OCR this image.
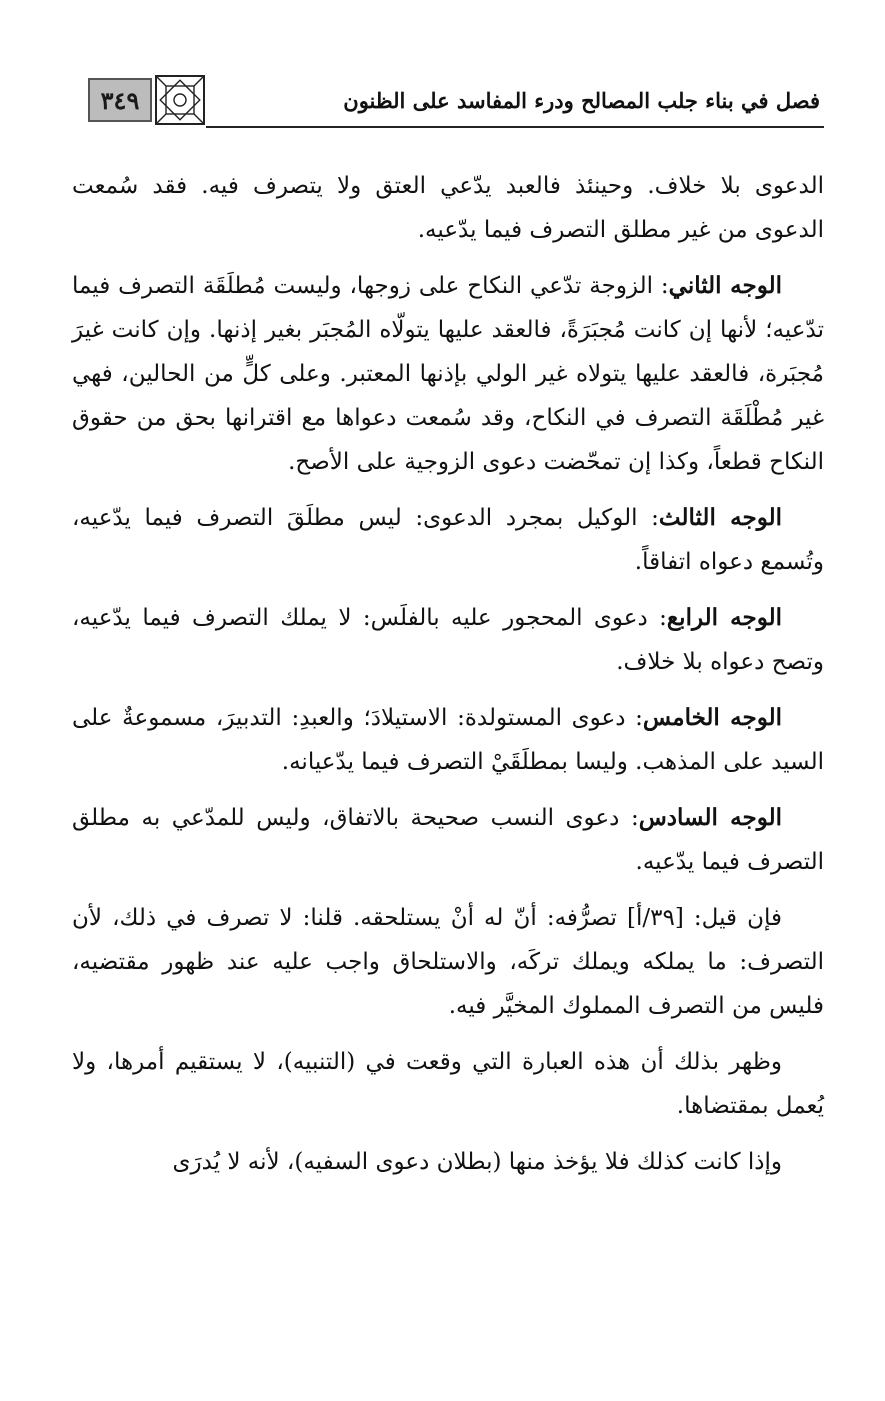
فصل في بناء جلب المصالح ودرء المفاسد على الظنون
٣٤٩

الدعوى بلا خلاف. وحينئذ فالعبد يدّعي العتق ولا يتصرف فيه. فقد سُمعت الدعوى من غير مطلق التصرف فيما يدّعيه.

الوجه الثاني: الزوجة تدّعي النكاح على زوجها، وليست مُطلَقَة التصرف فيما تدّعيه؛ لأنها إن كانت مُجبَرَةً، فالعقد عليها يتولّاه المُجبَر بغير إذنها. وإن كانت غيرَ مُجبَرة، فالعقد عليها يتولاه غير الولي بإذنها المعتبر. وعلى كلٍّ من الحالين، فهي غير مُطْلَقَة التصرف في النكاح، وقد سُمعت دعواها مع اقترانها بحق من حقوق النكاح قطعاً، وكذا إن تمحّضت دعوى الزوجية على الأصح.

الوجه الثالث: الوكيل بمجرد الدعوى: ليس مطلَقَ التصرف فيما يدّعيه، وتُسمع دعواه اتفاقاً.

الوجه الرابع: دعوى المحجور عليه بالفلَس: لا يملك التصرف فيما يدّعيه، وتصح دعواه بلا خلاف.

الوجه الخامس: دعوى المستولدة: الاستيلادَ؛ والعبدِ: التدبيرَ، مسموعةٌ على السيد على المذهب. وليسا بمطلَقَيْ التصرف فيما يدّعيانه.

الوجه السادس: دعوى النسب صحيحة بالاتفاق، وليس للمدّعي به مطلق التصرف فيما يدّعيه.

فإن قيل: [٣٩/أ] تصرُّفه: أنّ له أنْ يستلحقه. قلنا: لا تصرف في ذلك، لأن التصرف: ما يملكه ويملك تركَه، والاستلحاق واجب عليه عند ظهور مقتضيه، فليس من التصرف المملوك المخيَّر فيه.

وظهر بذلك أن هذه العبارة التي وقعت في (التنبيه)، لا يستقيم أمرها، ولا يُعمل بمقتضاها.

وإذا كانت كذلك فلا يؤخذ منها (بطلان دعوى السفيه)، لأنه لا يُدرَى
